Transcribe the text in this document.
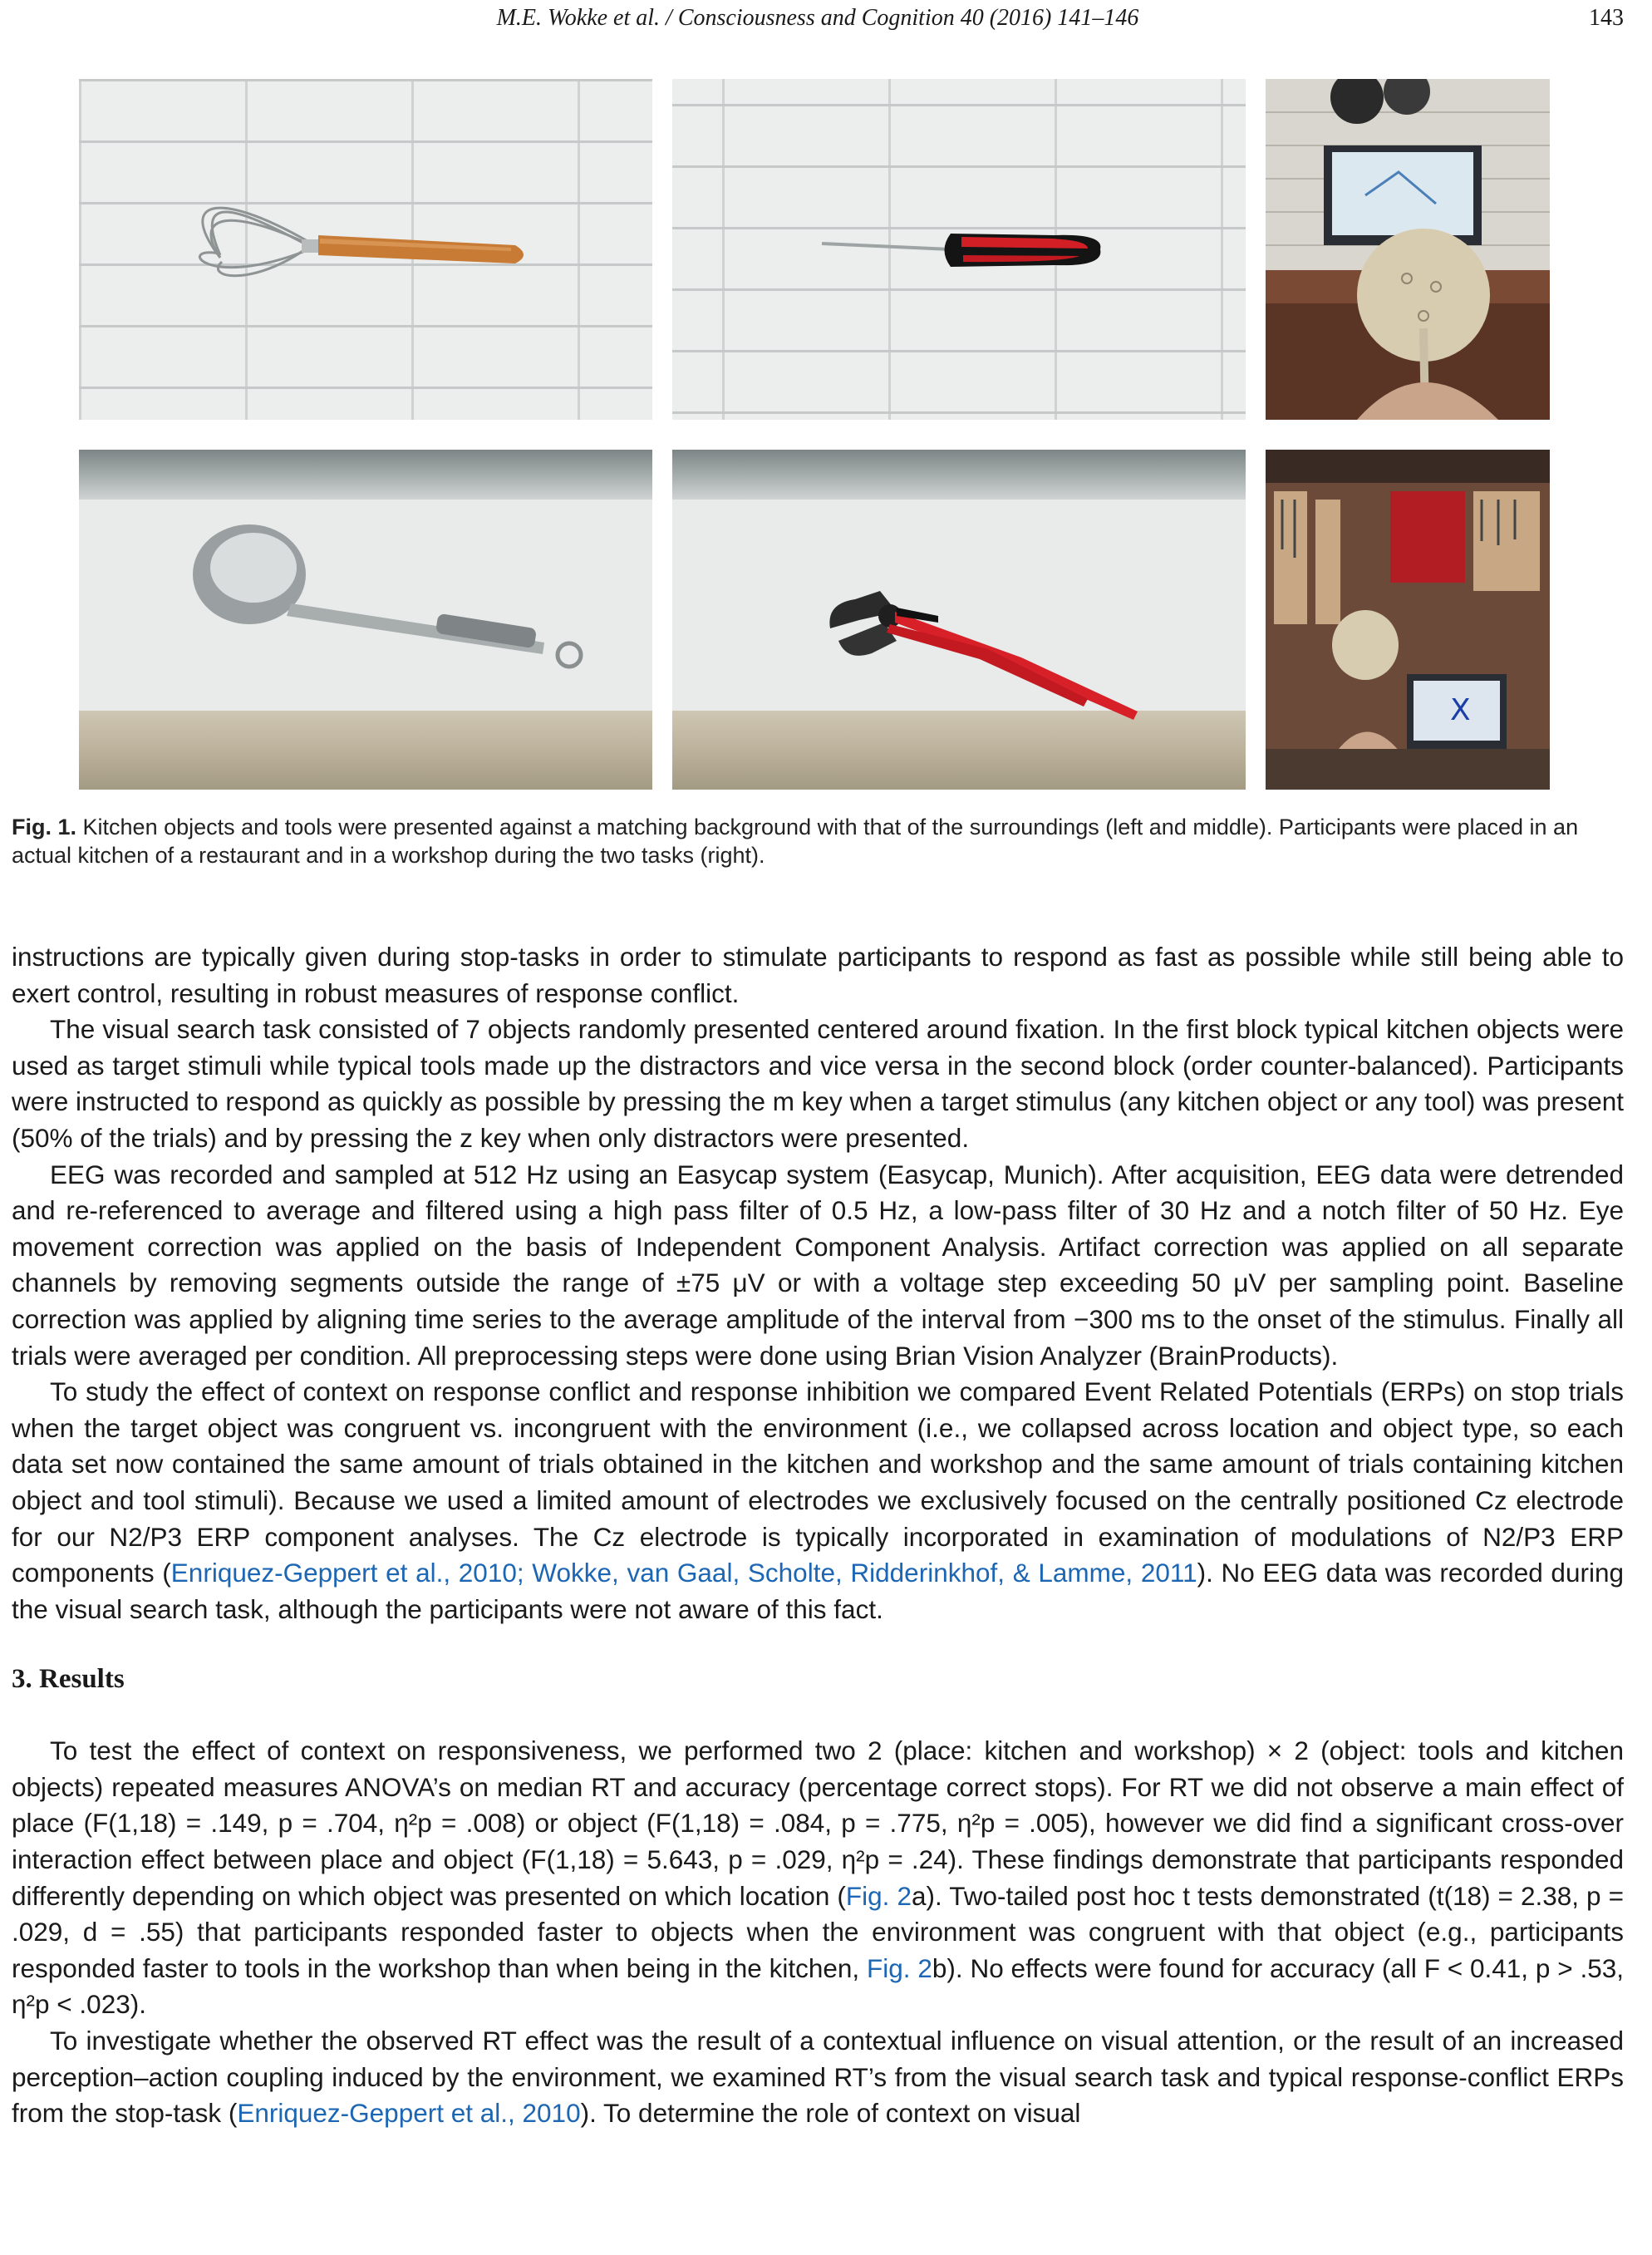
M.E. Wokke et al. / Consciousness and Cognition 40 (2016) 141–146	143
X
Fig. 1. Kitchen objects and tools were presented against a matching background with that of the surroundings (left and middle). Participants were placed in an actual kitchen of a restaurant and in a workshop during the two tasks (right).

instructions are typically given during stop-tasks in order to stimulate participants to respond as fast as possible while still being able to exert control, resulting in robust measures of response conflict.

The visual search task consisted of 7 objects randomly presented centered around fixation. In the first block typical kitchen objects were used as target stimuli while typical tools made up the distractors and vice versa in the second block (order counter-balanced). Participants were instructed to respond as quickly as possible by pressing the m key when a target stimulus (any kitchen object or any tool) was present (50% of the trials) and by pressing the z key when only distractors were presented.

EEG was recorded and sampled at 512 Hz using an Easycap system (Easycap, Munich). After acquisition, EEG data were detrended and re-referenced to average and filtered using a high pass filter of 0.5 Hz, a low-pass filter of 30 Hz and a notch filter of 50 Hz. Eye movement correction was applied on the basis of Independent Component Analysis. Artifact correction was applied on all separate channels by removing segments outside the range of ±75 μV or with a voltage step exceeding 50 μV per sampling point. Baseline correction was applied by aligning time series to the average amplitude of the interval from −300 ms to the onset of the stimulus. Finally all trials were averaged per condition. All preprocessing steps were done using Brian Vision Analyzer (BrainProducts).

To study the effect of context on response conflict and response inhibition we compared Event Related Potentials (ERPs) on stop trials when the target object was congruent vs. incongruent with the environment (i.e., we collapsed across location and object type, so each data set now contained the same amount of trials obtained in the kitchen and workshop and the same amount of trials containing kitchen object and tool stimuli). Because we used a limited amount of electrodes we exclusively focused on the centrally positioned Cz electrode for our N2/P3 ERP component analyses. The Cz electrode is typically incorporated in examination of modulations of N2/P3 ERP components (Enriquez-Geppert et al., 2010; Wokke, van Gaal, Scholte, Ridderinkhof, & Lamme, 2011). No EEG data was recorded during the visual search task, although the participants were not aware of this fact.

3. Results

To test the effect of context on responsiveness, we performed two 2 (place: kitchen and workshop) × 2 (object: tools and kitchen objects) repeated measures ANOVA’s on median RT and accuracy (percentage correct stops). For RT we did not observe a main effect of place (F(1,18) = .149, p = .704, η²p = .008) or object (F(1,18) = .084, p = .775, η²p = .005), however we did find a significant cross-over interaction effect between place and object (F(1,18) = 5.643, p = .029, η²p = .24). These findings demonstrate that participants responded differently depending on which object was presented on which location (Fig. 2a). Two-tailed post hoc t tests demonstrated (t(18) = 2.38, p = .029, d = .55) that participants responded faster to objects when the environment was congruent with that object (e.g., participants responded faster to tools in the workshop than when being in the kitchen, Fig. 2b). No effects were found for accuracy (all F < 0.41, p > .53, η²p < .023).

To investigate whether the observed RT effect was the result of a contextual influence on visual attention, or the result of an increased perception–action coupling induced by the environment, we examined RT’s from the visual search task and typical response-conflict ERPs from the stop-task (Enriquez-Geppert et al., 2010). To determine the role of context on visual
